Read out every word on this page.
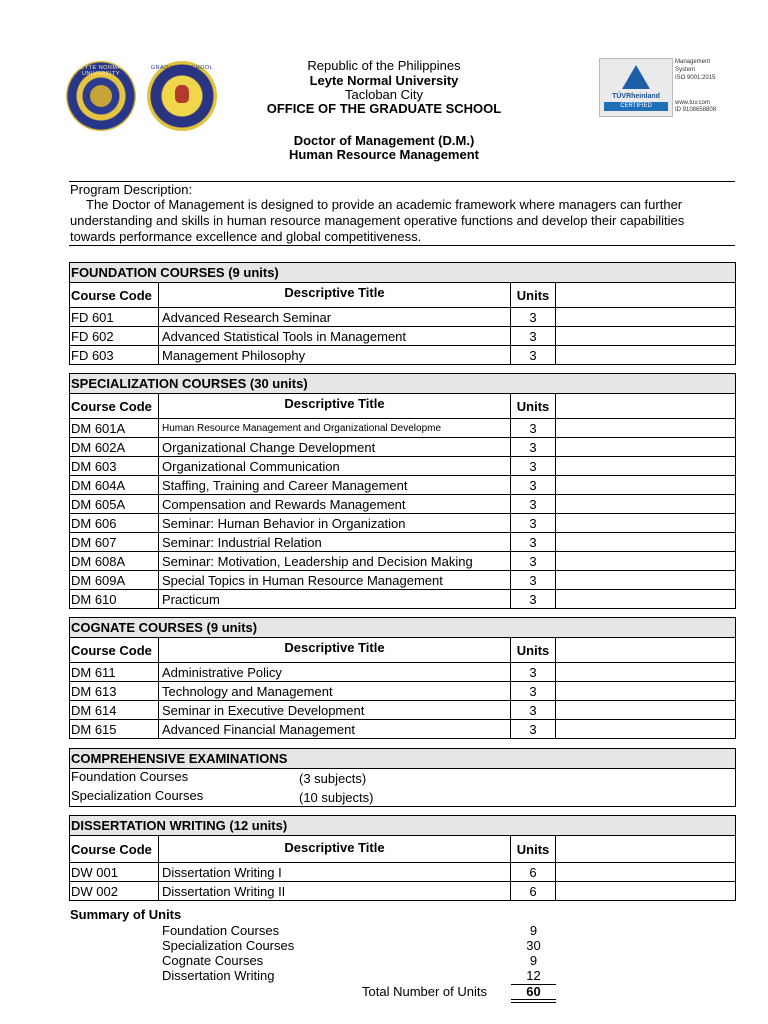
LEYTE NORMAL UNIVERSITY
GRADUATE SCHOOL
TÜVRheinland
CERTIFIED
Management
System
ISO 9001:2015
www.tuv.com
ID 9108658808
Republic of the Philippines
Leyte Normal University
Tacloban City
OFFICE OF THE GRADUATE SCHOOL
Doctor of Management (D.M.)
Human Resource Management
Program Description:
The Doctor of Management is designed to provide an academic framework where managers can further
understanding and skills in human resource management operative functions and develop their capabilities
towards performance excellence and global competitiveness.
FOUNDATION COURSES (9 units)
Course Code	Descriptive Title	Units
FD 601	Advanced Research Seminar	3
FD 602	Advanced Statistical Tools in Management	3
FD 603	Management Philosophy	3
SPECIALIZATION COURSES (30 units)
Course Code	Descriptive Title	Units
DM 601A	Human Resource Management and Organizational Developme	3
DM 602A	Organizational Change Development	3
DM 603	Organizational Communication	3
DM 604A	Staffing, Training and Career Management	3
DM 605A	Compensation and Rewards Management	3
DM 606	Seminar: Human Behavior in Organization	3
DM 607	Seminar: Industrial Relation	3
DM 608A	Seminar: Motivation, Leadership and Decision Making	3
DM 609A	Special Topics in Human Resource Management	3
DM 610	Practicum	3
COGNATE COURSES (9 units)
Course Code	Descriptive Title	Units
DM 611	Administrative Policy	3
DM 613	Technology and Management	3
DM 614	Seminar in Executive Development	3
DM 615	Advanced Financial Management	3
COMPREHENSIVE EXAMINATIONS
Foundation Courses	(3 subjects)
Specialization Courses	(10 subjects)
DISSERTATION WRITING (12 units)
Course Code	Descriptive Title	Units
DW 001	Dissertation Writing I	6
DW 002	Dissertation Writing II	6
Summary of Units
Foundation Courses	9
Specialization Courses	30
Cognate Courses	9
Dissertation Writing	12
Total Number of Units	60
